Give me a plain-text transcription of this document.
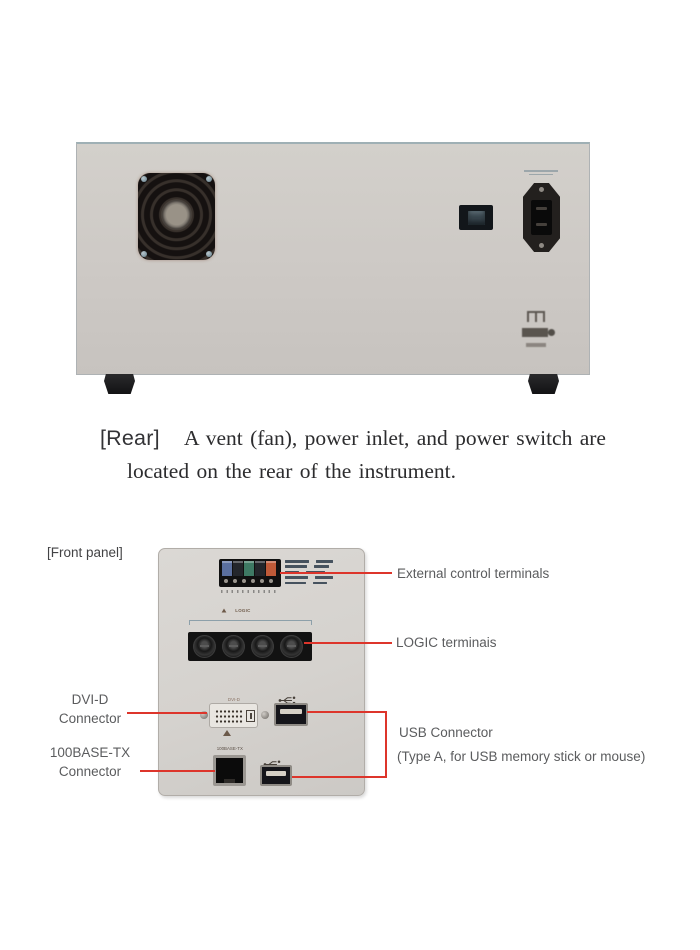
[Rear] A vent (fan), power inlet, and power switch are
located on the rear of the instrument.
[Front panel]
LOGIC
DVI-D
100BASE-TX

External control terminals
LOGIC terminais
DVI-D
Connector
100BASE-TX
Connector
USB Connector
(Type A, for USB memory stick or mouse)
